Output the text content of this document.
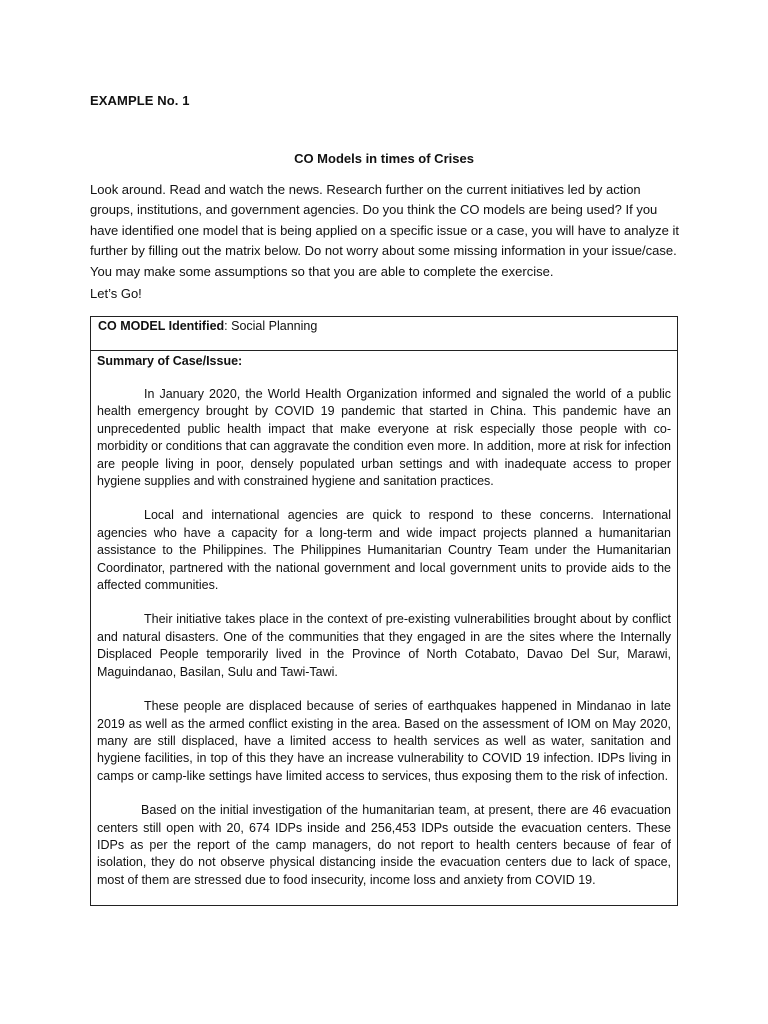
EXAMPLE No. 1
CO Models in times of Crises

Look around. Read and watch the news. Research further on the current initiatives led by action groups, institutions, and government agencies. Do you think the CO models are being used? If you have identified one model that is being applied on a specific issue or a case, you will have to analyze it further by filling out the matrix below. Do not worry about some missing information in your issue/case. You may make some assumptions so that you are able to complete the exercise.

Let’s Go!

CO MODEL Identified: Social Planning

Summary of Case/Issue:

In January 2020, the World Health Organization informed and signaled the world of a public health emergency brought by COVID 19 pandemic that started in China. This pandemic have an unprecedented public health impact that make everyone at risk especially those people with co-morbidity or conditions that can aggravate the condition even more. In addition, more at risk for infection are people living in poor, densely populated urban settings and with inadequate access to proper hygiene supplies and with constrained hygiene and sanitation practices.

Local and international agencies are quick to respond to these concerns. International agencies who have a capacity for a long-term and wide impact projects planned a humanitarian assistance to the Philippines. The Philippines Humanitarian Country Team under the Humanitarian Coordinator, partnered with the national government and local government units to provide aids to the affected communities.

Their initiative takes place in the context of pre-existing vulnerabilities brought about by conflict and natural disasters. One of the communities that they engaged in are the sites where the Internally Displaced People temporarily lived in the Province of North Cotabato, Davao Del Sur, Marawi, Maguindanao, Basilan, Sulu and Tawi-Tawi.

These people are displaced because of series of earthquakes happened in Mindanao in late 2019 as well as the armed conflict existing in the area. Based on the assessment of IOM on May 2020, many are still displaced, have a limited access to health services as well as water, sanitation and hygiene facilities, in top of this they have an increase vulnerability to COVID 19 infection. IDPs living in camps or camp-like settings have limited access to services, thus exposing them to the risk of infection.

Based on the initial investigation of the humanitarian team, at present, there are 46 evacuation centers still open with 20, 674 IDPs inside and 256,453 IDPs outside the evacuation centers. These IDPs as per the report of the camp managers, do not report to health centers because of fear of isolation, they do not observe physical distancing inside the evacuation centers due to lack of space, most of them are stressed due to food insecurity, income loss and anxiety from COVID 19.
